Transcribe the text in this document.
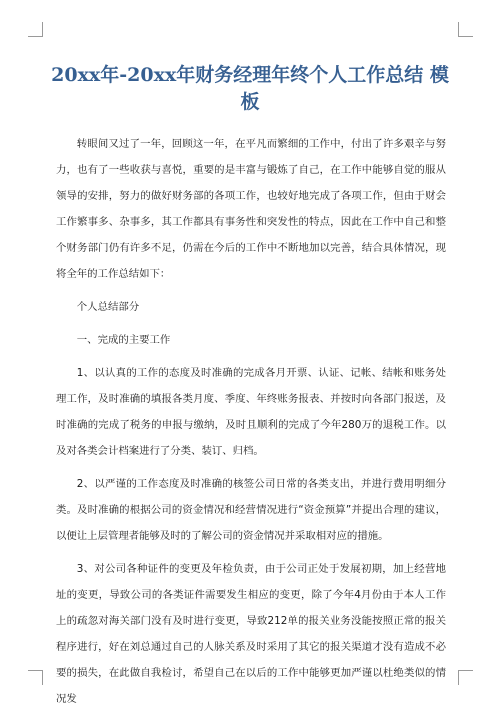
20xx年-20xx年财务经理年终个人工作总结 模板

转眼间又过了一年，回顾这一年，在平凡而繁细的工作中，付出了许多艰辛与努力，也有了一些收获与喜悦，重要的是丰富与锻炼了自己，在工作中能够自觉的服从领导的安排，努力的做好财务部的各项工作，也较好地完成了各项工作，但由于财会工作繁事多、杂事多，其工作都具有事务性和突发性的特点，因此在工作中自己和整个财务部门仍有许多不足，仍需在今后的工作中不断地加以完善，结合具体情况，现将全年的工作总结如下：

个人总结部分

一、完成的主要工作

1、以认真的工作的态度及时准确的完成各月开票、认证、记帐、结帐和账务处理工作，及时准确的填报各类月度、季度、年终账务报表、并按时向各部门报送，及时准确的完成了税务的申报与缴纳，及时且顺利的完成了今年280万的退税工作。以及对各类会计档案进行了分类、装订、归档。

2、以严谨的工作态度及时准确的核签公司日常的各类支出，并进行费用明细分类。及时准确的根据公司的资金情况和经营情况进行“资金预算”并提出合理的建议，以便让上层管理者能够及时的了解公司的资金情况并采取相对应的措施。

3、对公司各种证件的变更及年检负责，由于公司正处于发展初期，加上经营地址的变更，导致公司的各类证件需要发生相应的变更，除了今年4月份由于本人工作上的疏忽对海关部门没有及时进行变更，导致212单的报关业务没能按照正常的报关程序进行，好在刘总通过自己的人脉关系及时采用了其它的报关渠道才没有造成不必要的损失，在此做自我检讨，希望自己在以后的工作中能够更加严谨以杜绝类似的情况发
